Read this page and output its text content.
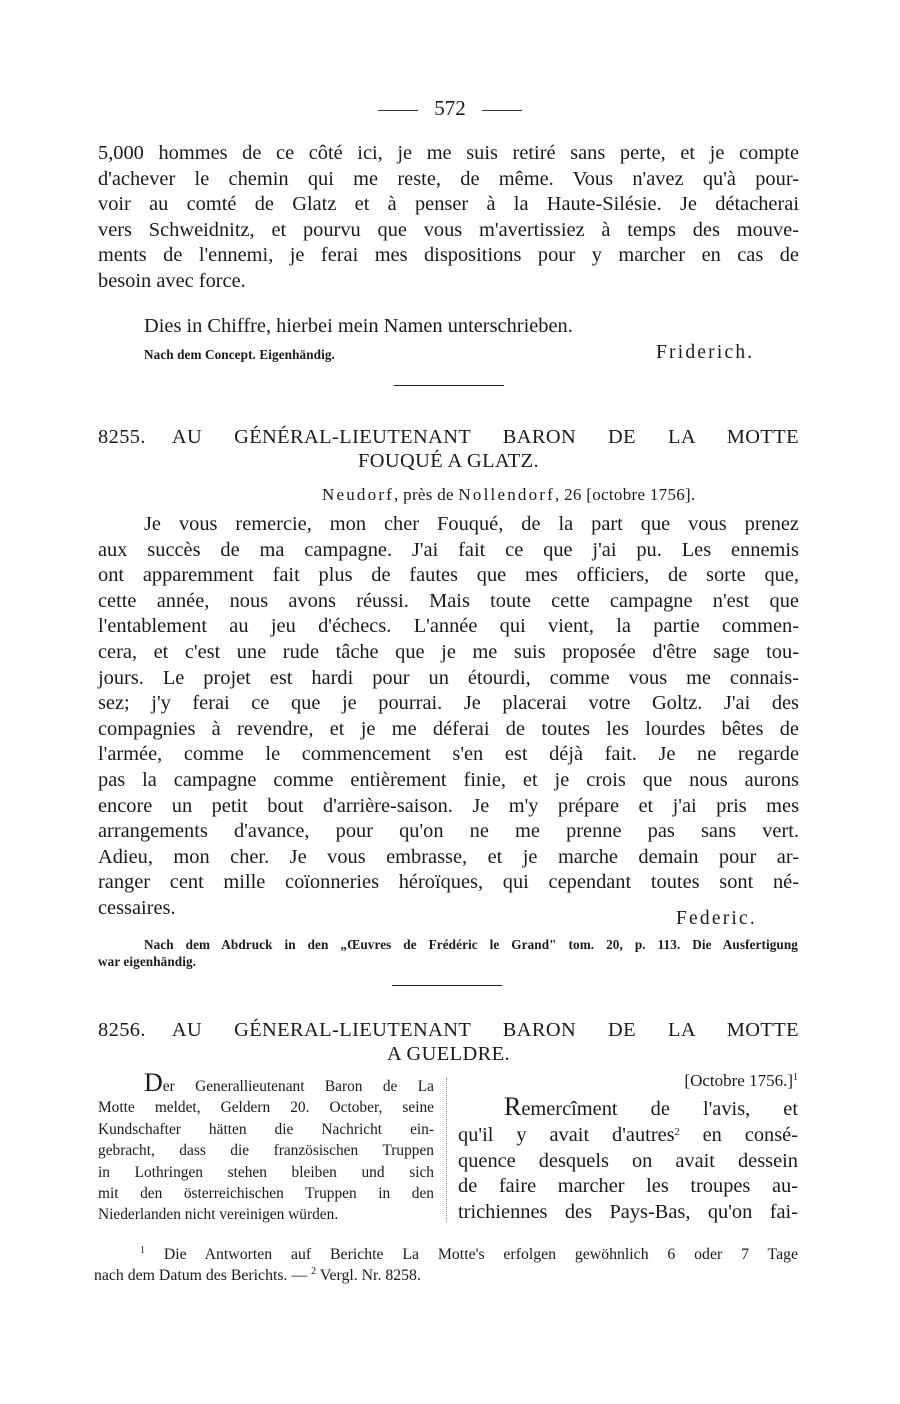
572
5,000 hommes de ce côté ici, je me suis retiré sans perte, et je compte
d'achever le chemin qui me reste, de même. Vous n'avez qu'à pour-
voir au comté de Glatz et à penser à la Haute-Silésie. Je détacherai
vers Schweidnitz, et pourvu que vous m'avertissiez à temps des mouve-
ments de l'ennemi, je ferai mes dispositions pour y marcher en cas de
besoin avec force.
Dies in Chiffre, hierbei mein Namen unterschrieben.
Nach dem Concept. Eigenhändig.	Friderich.
8255. AU GÉNÉRAL-LIEUTENANT BARON DE LA MOTTE
FOUQUÉ A GLATZ.
Neudorf, près de Nollendorf, 26 [octobre 1756].
Je vous remercie, mon cher Fouqué, de la part que vous prenez
aux succès de ma campagne. J'ai fait ce que j'ai pu. Les ennemis
ont apparemment fait plus de fautes que mes officiers, de sorte que,
cette année, nous avons réussi. Mais toute cette campagne n'est que
l'entablement au jeu d'échecs. L'année qui vient, la partie commen-
cera, et c'est une rude tâche que je me suis proposée d'être sage tou-
jours. Le projet est hardi pour un étourdi, comme vous me connais-
sez; j'y ferai ce que je pourrai. Je placerai votre Goltz. J'ai des
compagnies à revendre, et je me déferai de toutes les lourdes bêtes de
l'armée, comme le commencement s'en est déjà fait. Je ne regarde
pas la campagne comme entièrement finie, et je crois que nous aurons
encore un petit bout d'arrière-saison. Je m'y prépare et j'ai pris mes
arrangements d'avance, pour qu'on ne me prenne pas sans vert.
Adieu, mon cher. Je vous embrasse, et je marche demain pour ar-
ranger cent mille coïonneries héroïques, qui cependant toutes sont né-
cessaires.	Federic.
Nach dem Abdruck in den „Œuvres de Frédéric le Grand" tom. 20, p. 113. Die Ausfertigung
war eigenhändig.
8256. AU GÉNERAL-LIEUTENANT BARON DE LA MOTTE
A GUELDRE.
Der Generallieutenant Baron de La
Motte meldet, Geldern 20. October, seine
Kundschafter hätten die Nachricht ein-
gebracht, dass die französischen Truppen
in Lothringen stehen bleiben und sich
mit den österreichischen Truppen in den
Niederlanden nicht vereinigen würden.
[Octobre 1756.]$^1$
Remercîment de l'avis, et
qu'il y avait d'autres$^2$ en consé-
quence desquels on avait dessein
de faire marcher les troupes au-
trichiennes des Pays-Bas, qu'on fai-
$^1$ Die Antworten auf Berichte La Motte's erfolgen gewöhnlich 6 oder 7 Tage
nach dem Datum des Berichts. — $^2$ Vergl. Nr. 8258.
